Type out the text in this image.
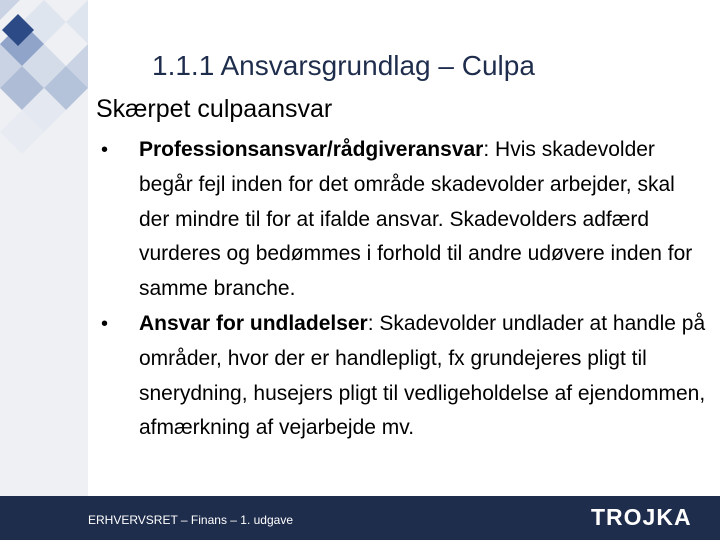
1.1.1 Ansvarsgrundlag – Culpa
Skærpet culpaansvar
• Professionsansvar/rådgiveransvar: Hvis skadevolder begår fejl inden for det område skadevolder arbejder, skal der mindre til for at ifalde ansvar. Skadevolders adfærd vurderes og bedømmes i forhold til andre udøvere inden for samme branche.
• Ansvar for undladelser: Skadevolder undlader at handle på områder, hvor der er handlepligt, fx grundejeres pligt til snerydning, husejers pligt til vedligeholdelse af ejendommen, afmærkning af vejarbejde mv.
ERHVERVSRET – Finans – 1. udgave	TROJKA
